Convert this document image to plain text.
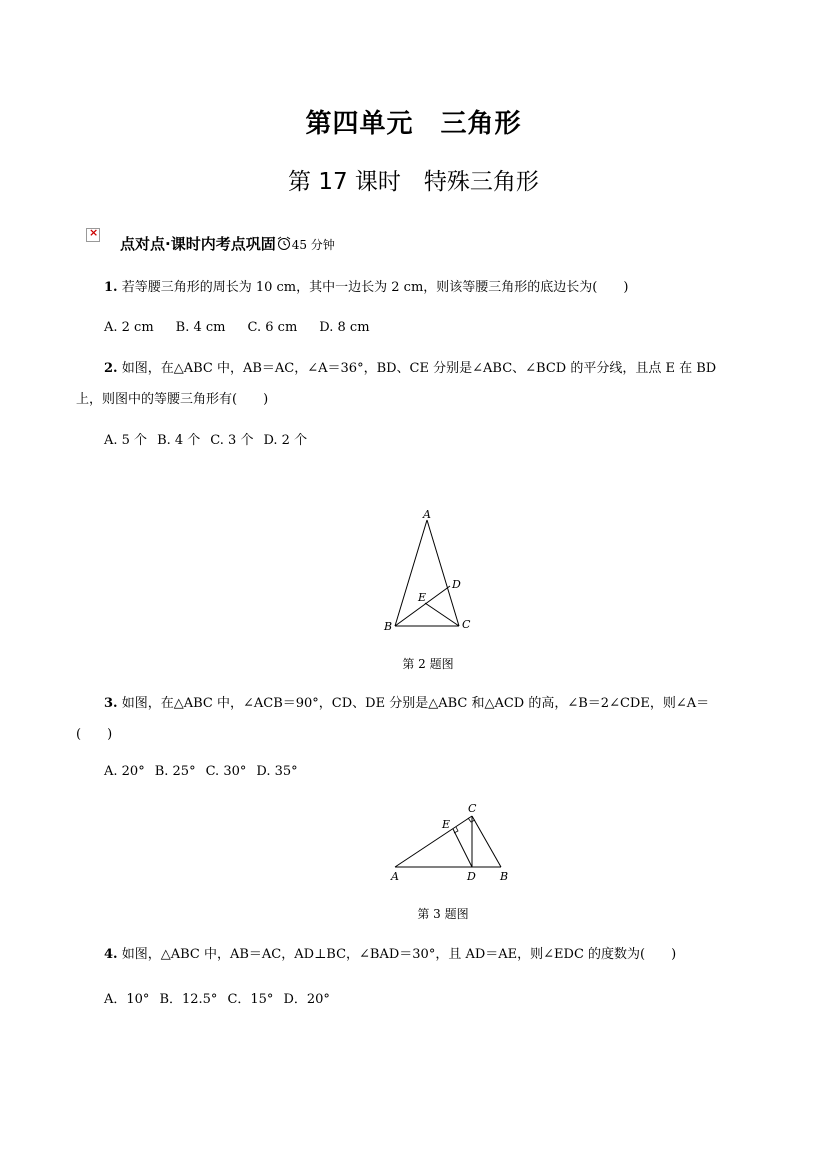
第四单元　三角形
第 17 课时　特殊三角形
×
点对点·课时内考点巩固 45 分钟
1. 若等腰三角形的周长为 10 cm，其中一边长为 2 cm，则该等腰三角形的底边长为(　　)
A. 2 cm B. 4 cm C. 6 cm D. 8 cm
2. 如图，在△ABC 中，AB＝AC，∠A＝36°，BD、CE 分别是∠ABC、∠BCD 的平分线，且点 E 在 BD
上，则图中的等腰三角形有(　　)
A. 5 个 B. 4 个 C. 3 个 D. 2 个
A
B	C
D
E
第 2 题图
3. 如图，在△ABC 中，∠ACB＝90°，CD、DE 分别是△ABC 和△ACD 的高，∠B＝2∠CDE，则∠A＝
(　　)
A. 20° B. 25° C. 30° D. 35°
A	B
C
D
E
第 3 题图
4. 如图，△ABC 中，AB＝AC，AD⊥BC，∠BAD＝30°，且 AD＝AE，则∠EDC 的度数为(　　)
A．10° B．12.5° C．15° D．20°
